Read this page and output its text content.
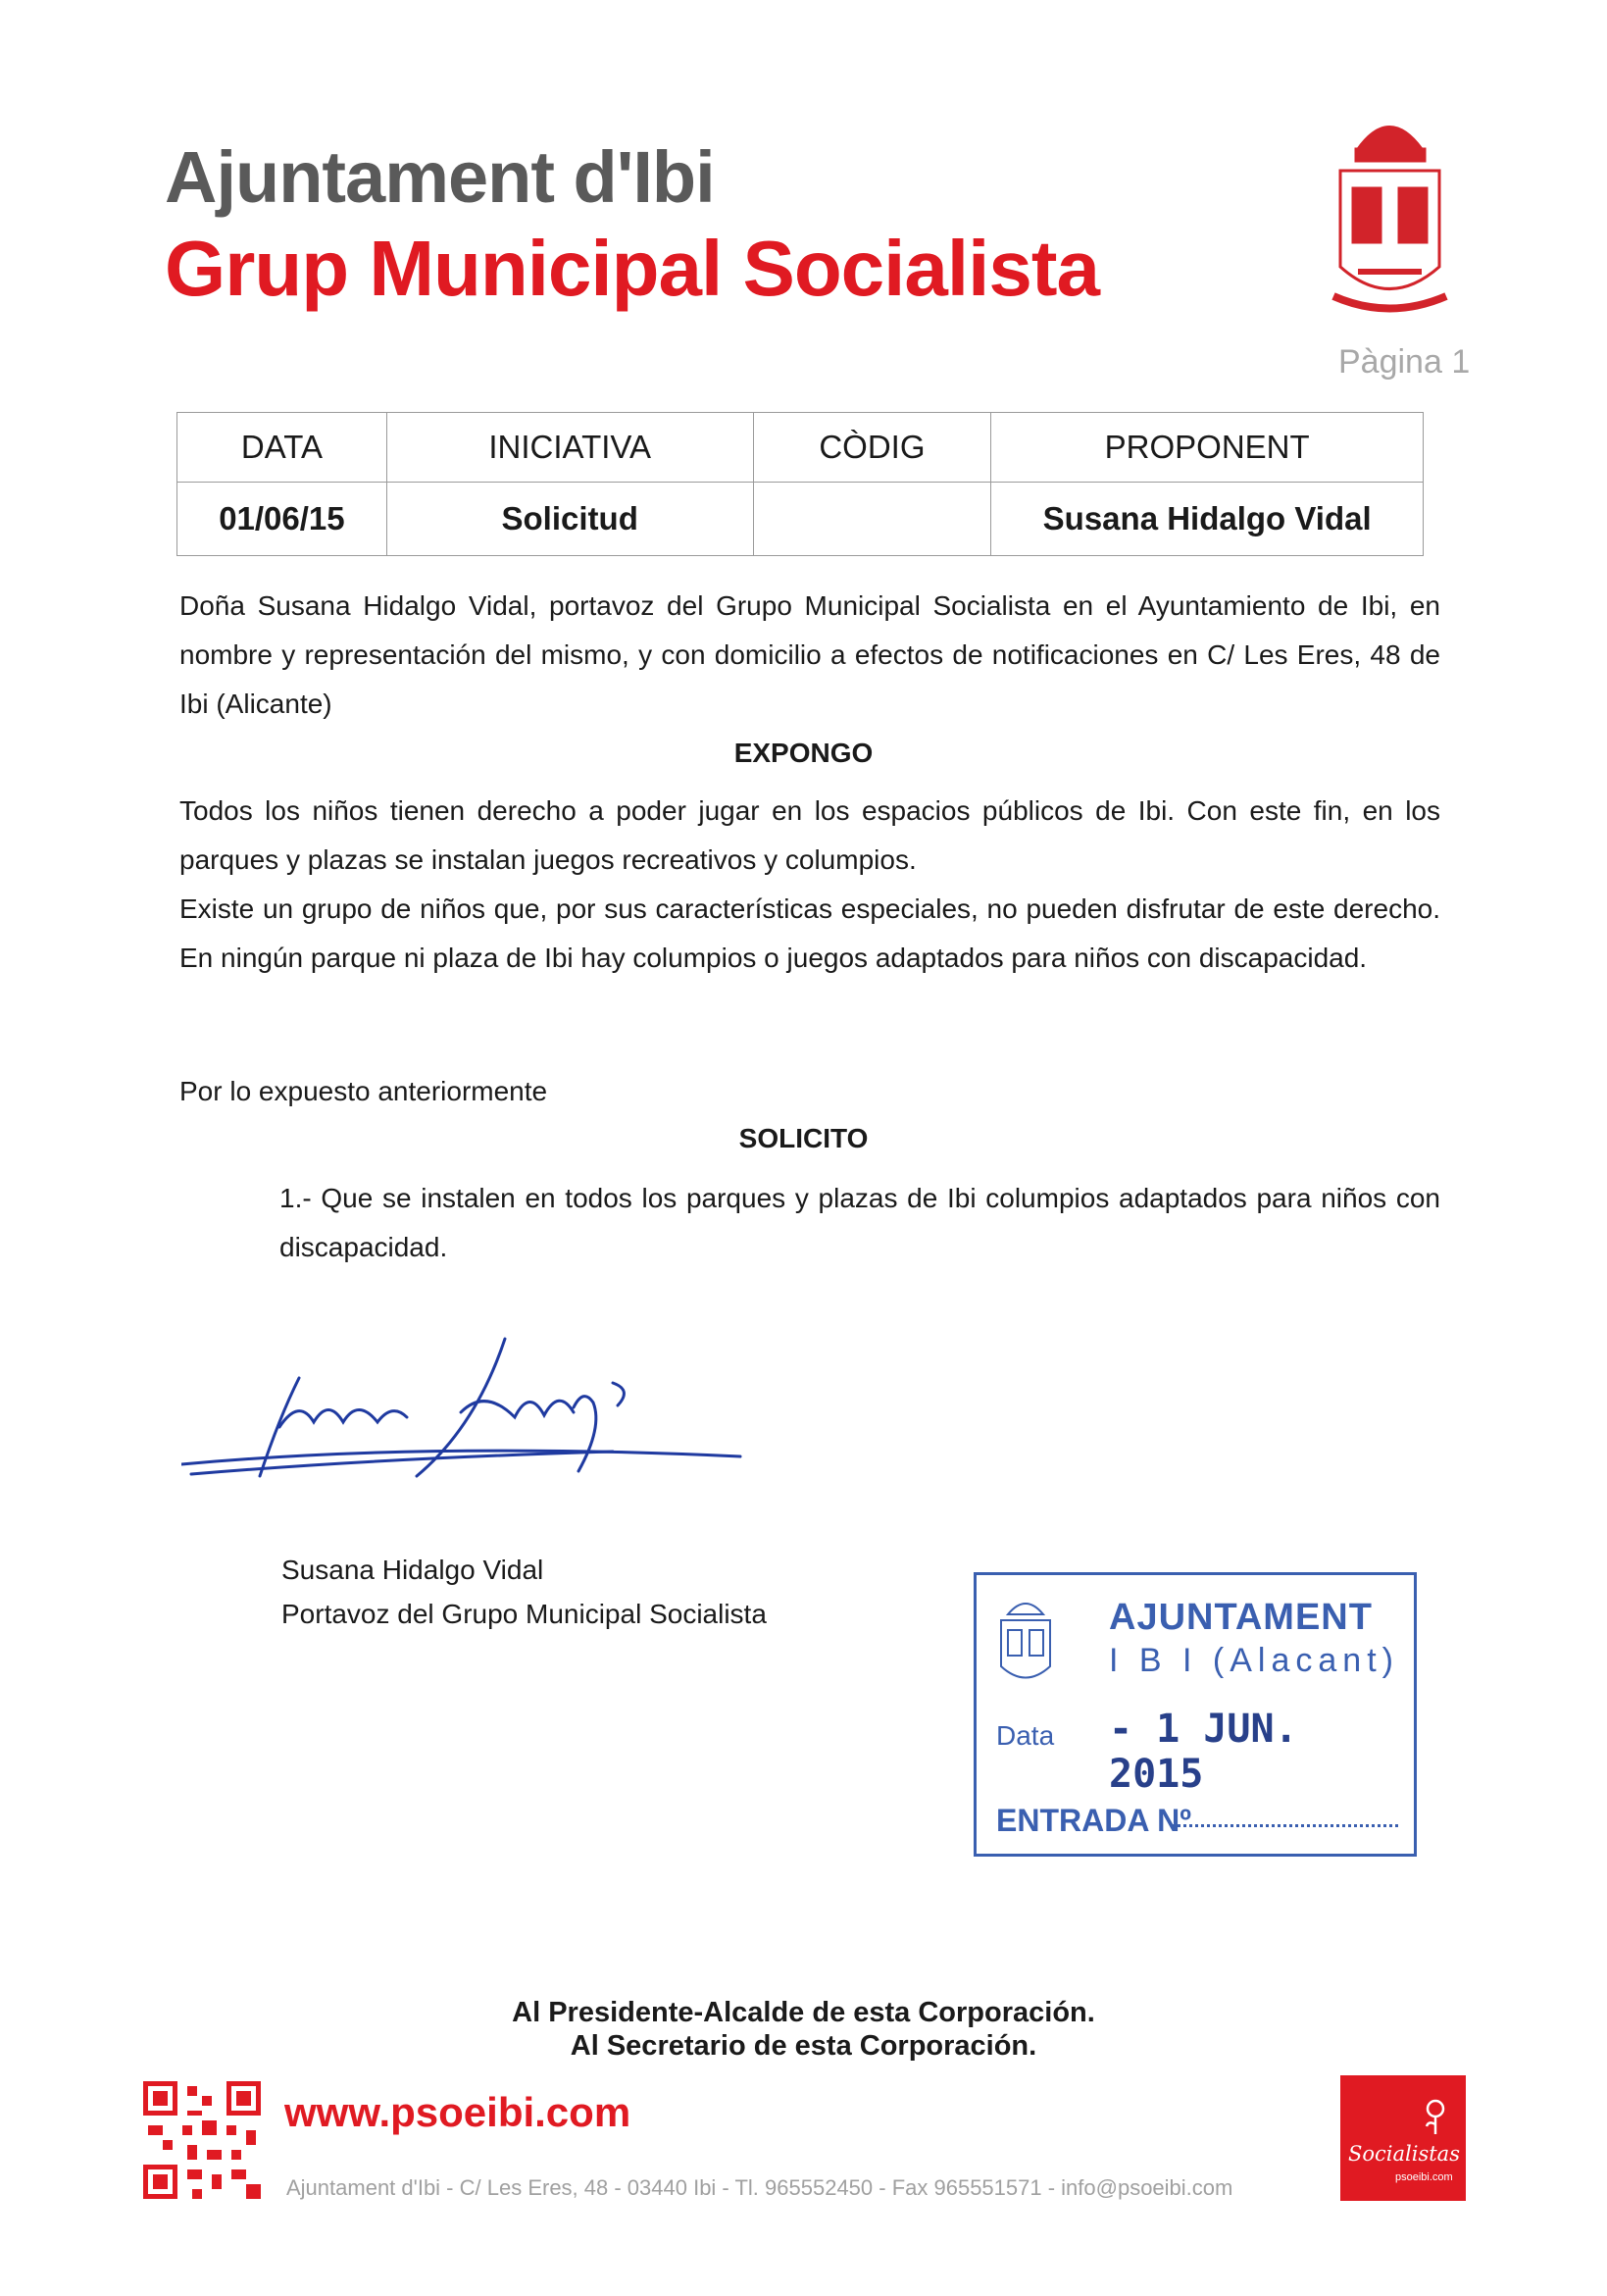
Ajuntament d'Ibi
Grup Municipal Socialista
Pàgina 1
DATA	INICIATIVA	CÒDIG	PROPONENT
01/06/15	Solicitud		Susana Hidalgo Vidal
Doña Susana Hidalgo Vidal, portavoz del Grupo Municipal Socialista en el Ayuntamiento de Ibi, en nombre y representación del mismo, y con domicilio a efectos de notificaciones en C/ Les Eres, 48 de Ibi (Alicante)
EXPONGO
Todos los niños tienen derecho a poder jugar en los espacios públicos de Ibi. Con este fin, en los parques y plazas se instalan juegos recreativos y columpios.
Existe un grupo de niños que, por sus características especiales, no pueden disfrutar de este derecho. En ningún parque ni plaza de Ibi hay columpios o juegos adaptados para niños con discapacidad.
Por lo expuesto anteriormente
SOLICITO
1.- Que se instalen en todos los parques y plazas de Ibi columpios adaptados para niños con discapacidad.
Susana Hidalgo Vidal
Portavoz del Grupo Municipal Socialista	AJUNTAMENT
I B I (Alacant)
Data - 1 JUN. 2015
ENTRADA Nº
Al Presidente-Alcalde de esta Corporación.
Al Secretario de esta Corporación.
www.psoeibi.com
Ajuntament d'Ibi - C/ Les Eres, 48 - 03440 Ibi - Tl. 965552450 - Fax 965551571 - info@psoeibi.com
Socialistas
psoeibi.com
